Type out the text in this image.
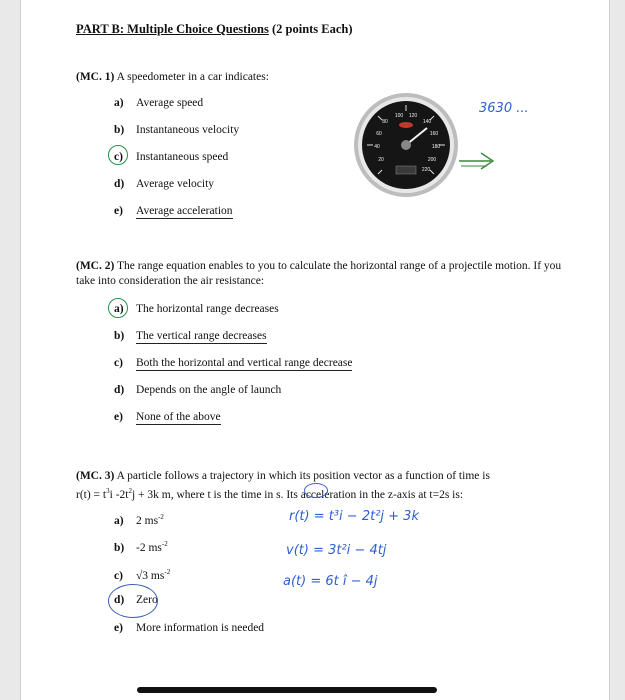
PART B: Multiple Choice Questions (2 points Each)
(MC. 1) A speedometer in a car indicates:
a) Average speed
b) Instantaneous velocity
c) Instantaneous speed
d) Average velocity
e) Average acceleration
100 120
140
160
80
60
40
20
180
200
220
3630 ...
(MC. 2) The range equation enables to you to calculate the horizontal range of a projectile motion. If you take into consideration the air resistance:
a) The horizontal range decreases
b) The vertical range decreases
c) Both the horizontal and vertical range decrease
d) Depends on the angle of launch
e) None of the above
(MC. 3) A particle follows a trajectory in which its position vector as a function of time is
$r(t) = t^3i$ $-2t^2j + 3k$ m, where t is the time in s. Its acceleration in the z-axis at t=2s is:
a) 2 $ms^{-2}$
b) -2 $ms^{-2}$
c) √3 $ms^{-2}$
d) Zero
e) More information is needed
r(t) = t³i − 2t²j + 3k
v(t) = 3t²i − 4tj
a(t) = 6t î − 4j
